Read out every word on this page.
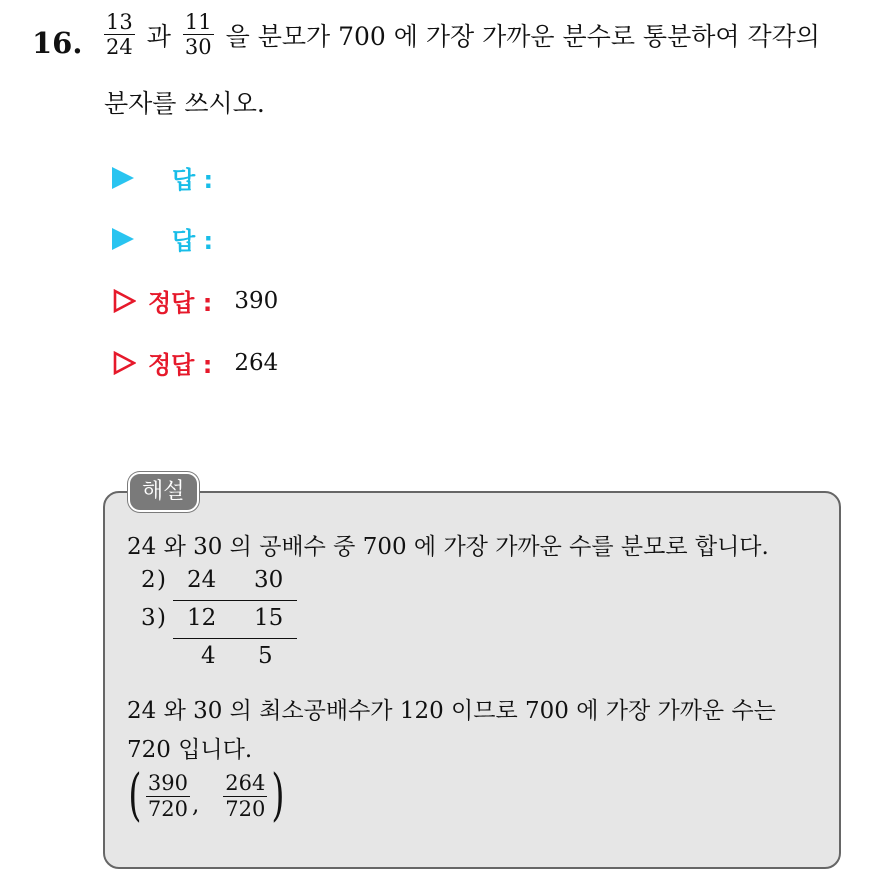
16. $\frac{13}{24}$ 과 $\frac{11}{30}$ 을 분모가 700 에 가장 가까운 분수로 통분하여 각각의
분자를 쓰시오.
답 :
답 :
정답 : 390
정답 : 264
해설
24 와 30 의 공배수 중 700 에 가장 가까운 수를 분모로 합니다.
2 ) 24 30
3 ) 12 15
4 5
24 와 30 의 최소공배수가 120 이므로 700 에 가장 가까운 수는
720 입니다.
( $\frac{390}{720}$ , $\frac{264}{720}$ )
